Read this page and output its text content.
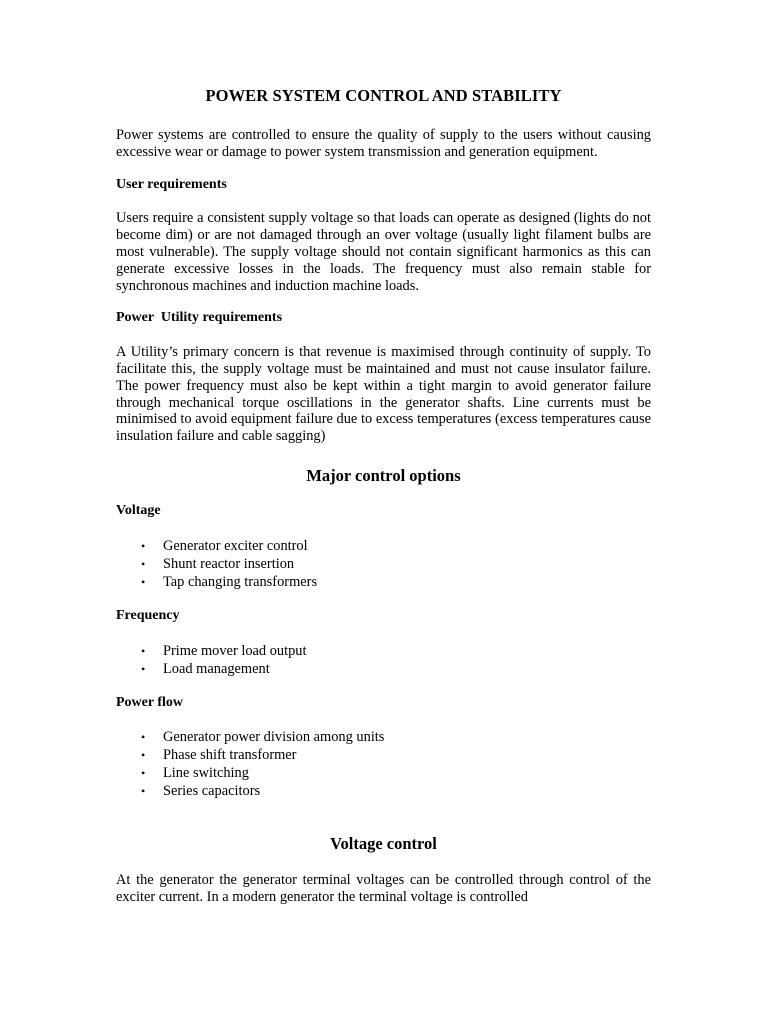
POWER SYSTEM CONTROL AND STABILITY

Power systems are controlled to ensure the quality of supply to the users without causing excessive wear or damage to power system transmission and generation equipment.

User requirements

Users require a consistent supply voltage so that loads can operate as designed (lights do not become dim) or are not damaged through an over voltage (usually light filament bulbs are most vulnerable). The supply voltage should not contain significant harmonics as this can generate excessive losses in the loads. The frequency must also remain stable for synchronous machines and induction machine loads.

Power  Utility requirements

A Utility’s primary concern is that revenue is maximised through continuity of supply. To facilitate this, the supply voltage must be maintained and must not cause insulator failure. The power frequency must also be kept within a tight margin to avoid generator failure through mechanical torque oscillations in the generator shafts. Line currents must be minimised to avoid equipment failure due to excess temperatures (excess temperatures cause insulation failure and cable sagging)

Major control options
Voltage
• Generator exciter control
• Shunt reactor insertion
• Tap changing transformers
Frequency
• Prime mover load output
• Load management
Power flow
• Generator power division among units
• Phase shift transformer
• Line switching
• Series capacitors
Voltage control

At the generator the generator terminal voltages can be controlled through control of the exciter current. In a modern generator the terminal voltage is controlled
